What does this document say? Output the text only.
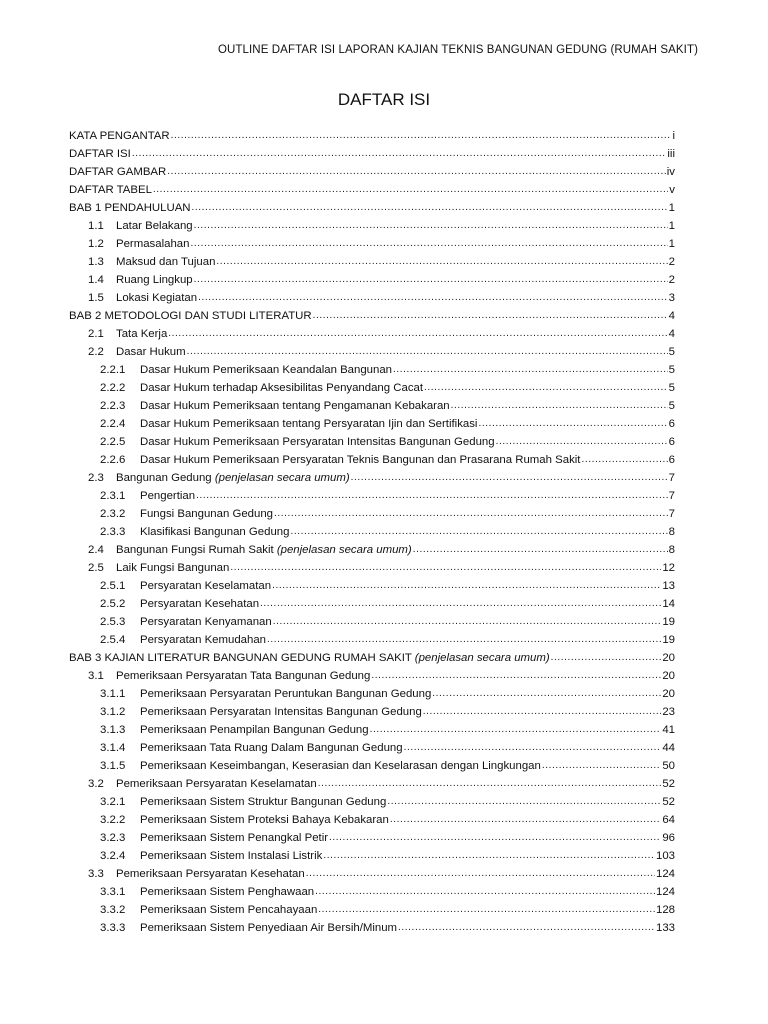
OUTLINE DAFTAR ISI LAPORAN KAJIAN TEKNIS BANGUNAN GEDUNG (RUMAH SAKIT)
DAFTAR ISI
KATA PENGANTAR .....	i
DAFTAR ISI .....	iii
DAFTAR GAMBAR .....	iv
DAFTAR TABEL .....	v
BAB 1 PENDAHULUAN .....	1
1.1	Latar Belakang .....	1
1.2	Permasalahan .....	1
1.3	Maksud dan Tujuan .....	2
1.4	Ruang Lingkup .....	2
1.5	Lokasi Kegiatan .....	3
BAB 2 METODOLOGI DAN STUDI LITERATUR .....	4
2.1	Tata Kerja .....	4
2.2	Dasar Hukum .....	5
2.2.1	Dasar Hukum Pemeriksaan Keandalan Bangunan .....	5
2.2.2	Dasar Hukum terhadap Aksesibilitas Penyandang Cacat .....	5
2.2.3	Dasar Hukum Pemeriksaan tentang Pengamanan Kebakaran .....	5
2.2.4	Dasar Hukum Pemeriksaan tentang Persyaratan Ijin dan Sertifikasi .....	6
2.2.5	Dasar Hukum Pemeriksaan Persyaratan Intensitas Bangunan Gedung .....	6
2.2.6	Dasar Hukum Pemeriksaan Persyaratan Teknis Bangunan dan Prasarana Rumah Sakit .....	6
2.3	Bangunan Gedung (penjelasan secara umum) .....	7
2.3.1	Pengertian .....	7
2.3.2	Fungsi Bangunan Gedung .....	7
2.3.3	Klasifikasi Bangunan Gedung .....	8
2.4	Bangunan Fungsi Rumah Sakit (penjelasan secara umum) .....	8
2.5	Laik Fungsi Bangunan .....	12
2.5.1	Persyaratan Keselamatan .....	13
2.5.2	Persyaratan Kesehatan .....	14
2.5.3	Persyaratan Kenyamanan .....	19
2.5.4	Persyaratan Kemudahan .....	19
BAB 3 KAJIAN LITERATUR BANGUNAN GEDUNG RUMAH SAKIT (penjelasan secara umum) .....	20
3.1	Pemeriksaan Persyaratan Tata Bangunan Gedung .....	20
3.1.1	Pemeriksaan Persyaratan Peruntukan Bangunan Gedung .....	20
3.1.2	Pemeriksaan Persyaratan Intensitas Bangunan Gedung .....	23
3.1.3	Pemeriksaan Penampilan Bangunan Gedung .....	41
3.1.4	Pemeriksaan Tata Ruang Dalam Bangunan Gedung .....	44
3.1.5	Pemeriksaan Keseimbangan, Keserasian dan Keselarasan dengan Lingkungan .....	50
3.2	Pemeriksaan Persyaratan Keselamatan .....	52
3.2.1	Pemeriksaan Sistem Struktur Bangunan Gedung .....	52
3.2.2	Pemeriksaan Sistem Proteksi Bahaya Kebakaran .....	64
3.2.3	Pemeriksaan Sistem Penangkal Petir .....	96
3.2.4	Pemeriksaan Sistem Instalasi Listrik .....	103
3.3	Pemeriksaan Persyaratan Kesehatan .....	124
3.3.1	Pemeriksaan Sistem Penghawaan .....	124
3.3.2	Pemeriksaan Sistem Pencahayaan .....	128
3.3.3	Pemeriksaan Sistem Penyediaan Air Bersih/Minum .....	133
